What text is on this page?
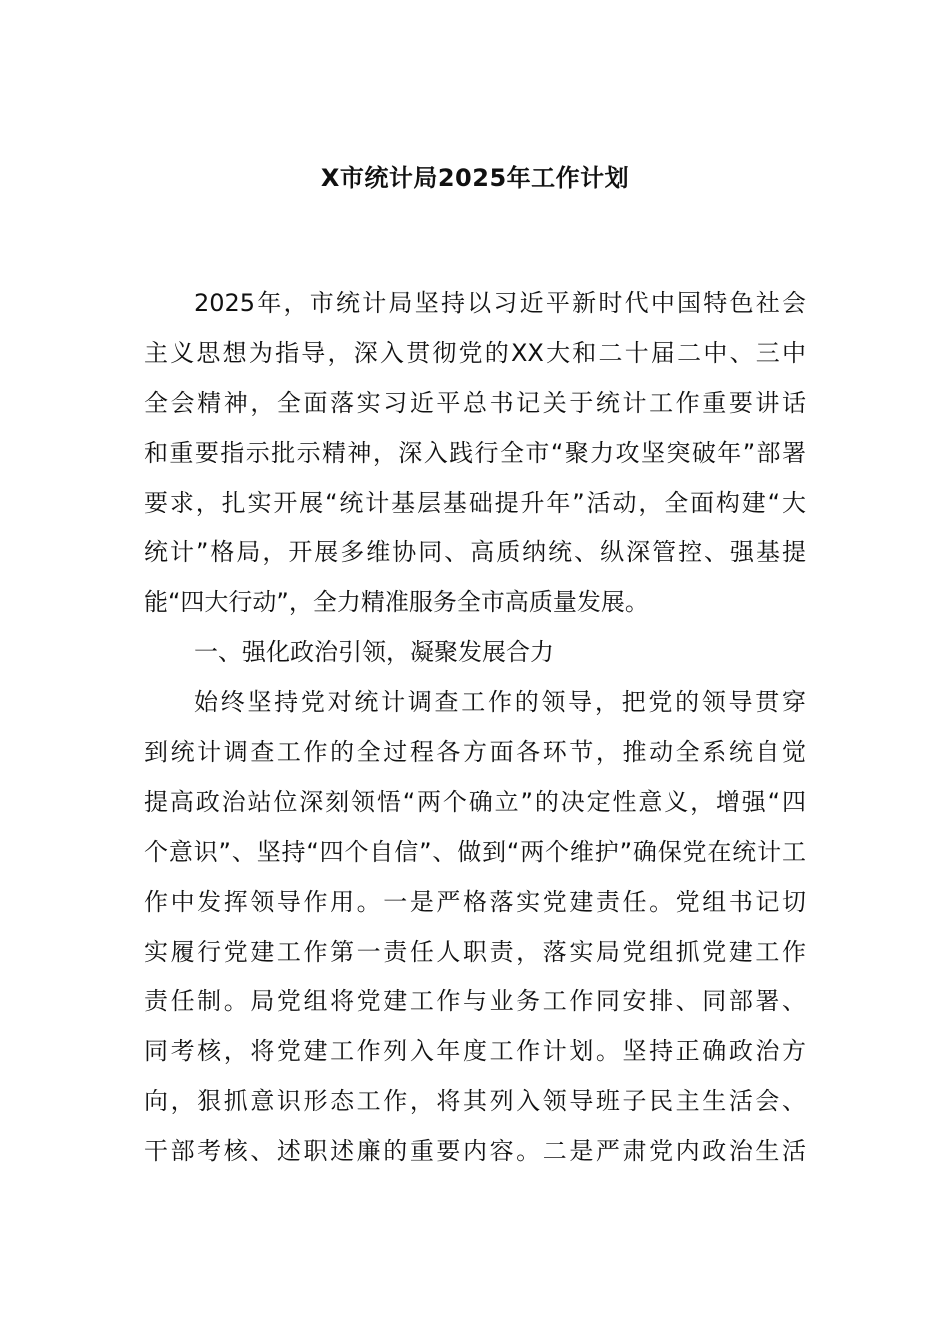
X市统计局2025年工作计划
2025年，市统计局坚持以习近平新时代中国特色社会
主义思想为指导，深入贯彻党的XX大和二十届二中、三中
全会精神，全面落实习近平总书记关于统计工作重要讲话
和重要指示批示精神，深入践行全市“聚力攻坚突破年”部署
要求，扎实开展“统计基层基础提升年”活动，全面构建“大
统计”格局，开展多维协同、高质纳统、纵深管控、强基提
能“四大行动”，全力精准服务全市高质量发展。
一、强化政治引领，凝聚发展合力
始终坚持党对统计调查工作的领导，把党的领导贯穿
到统计调查工作的全过程各方面各环节，推动全系统自觉
提高政治站位深刻领悟“两个确立”的决定性意义，增强“四
个意识”、坚持“四个自信”、做到“两个维护”确保党在统计工
作中发挥领导作用。一是严格落实党建责任。党组书记切
实履行党建工作第一责任人职责，落实局党组抓党建工作
责任制。局党组将党建工作与业务工作同安排、同部署、
同考核，将党建工作列入年度工作计划。坚持正确政治方
向，狠抓意识形态工作，将其列入领导班子民主生活会、
干部考核、述职述廉的重要内容。二是严肃党内政治生活
